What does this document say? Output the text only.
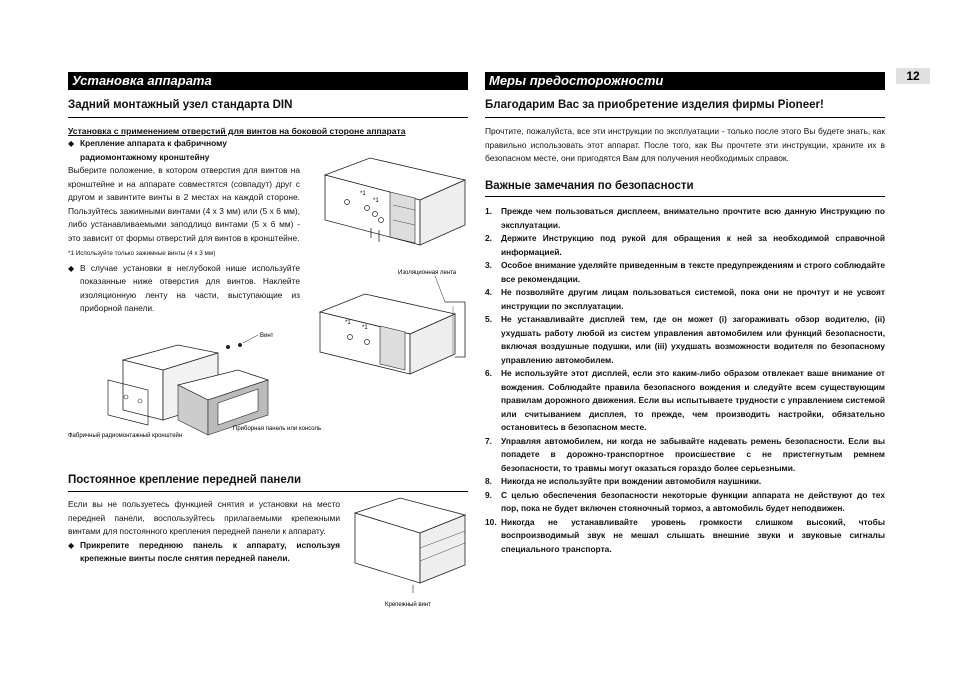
12
Установка аппарата
Задний монтажный узел стандарта DIN
Установка с применением отверстий для винтов на боковой стороне аппарата
◆ Крепление аппарата к фабричному радиомонтажному кронштейну
Выберите положение, в котором отверстия для винтов на кронштейне и на аппарате совместятся (совпадут) друг с другом и завинтите винты в 2 местах на каждой стороне. Пользуйтесь зажимными винтами (4 x 3 мм) или (5 x 6 мм), либо устанавливаемыми заподлицо винтами (5 x 6 мм) - это зависит от формы отверстий для винтов в кронштейне.
*1 Используйте только зажимные винты (4 x 3 мм)
◆ В случае установки в неглубокой нише используйте показанные ниже отверстия для винтов. Наклейте изоляционную ленту на части, выступающие из приборной панели.
*1
*1
Изоляционная лента
*1
*1
Винт
Фабричный радиомонтажный кронштейн
Приборная панель или консоль
Постоянное крепление передней панели
Если вы не пользуетесь функцией снятия и установки на место передней панели, воспользуйтесь прилагаемыми крепежными винтами для постоянного крепления передней панели к аппарату.
◆ Прикрепите переднюю панель к аппарату, используя крепежные винты после снятия передней панели.
Крепежный винт
Меры предосторожности
Благодарим Вас за приобретение изделия фирмы Pioneer!
Прочтите, пожалуйста, все эти инструкции по эксплуатации - только после этого Вы будете знать, как правильно использовать этот аппарат. После того, как Вы прочтете эти инструкции, храните их в безопасном месте, они пригодятся Вам для получения необходимых справок.
Важные замечания по безопасности
1.	Прежде чем пользоваться дисплеем, внимательно прочтите всю данную Инструкцию по эксплуатации.
2.	Держите Инструкцию под рукой для обращения к ней за необходимой справочной информацией.
3.	Особое внимание уделяйте приведенным в тексте предупреждениям и строго соблюдайте все рекомендации.
4.	Не позволяйте другим лицам пользоваться системой, пока они не прочтут и не усвоят инструкции по эксплуатации.
5.	Не устанавливайте дисплей тем, где он может (i) загораживать обзор водителю, (ii) ухудшать работу любой из систем управления автомобилем или функций безопасности, включая воздушные подушки, или (iii) ухудшать возможности водителя по безопасному управлению автомобилем.
6.	Не используйте этот дисплей, если это каким-либо образом отвлекает ваше внимание от вождения. Соблюдайте правила безопасного вождения и следуйте всем существующим правилам дорожного движения. Если вы испытываете трудности с управлением системой или считыванием дисплея, то прежде, чем производить настройки, обязательно остановитесь в безопасном месте.
7.	Управляя автомобилем, ни когда не забывайте надевать ремень безопасности. Если вы попадете в дорожно-транспортное происшествие с не пристегнутым ремнем безопасности, то травмы могут оказаться гораздо более серьезными.
8.	Никогда не используйте при вождении автомобиля наушники.
9.	С целью обеспечения безопасности некоторые функции аппарата не действуют до тех пор, пока не будет включен стояночный тормоз, а автомобиль будет неподвижен.
10. Никогда не устанавливайте уровень громкости слишком высокий, чтобы воспроизводимый звук не мешал слышать внешние звуки и звуковые сигналы специального транспорта.
